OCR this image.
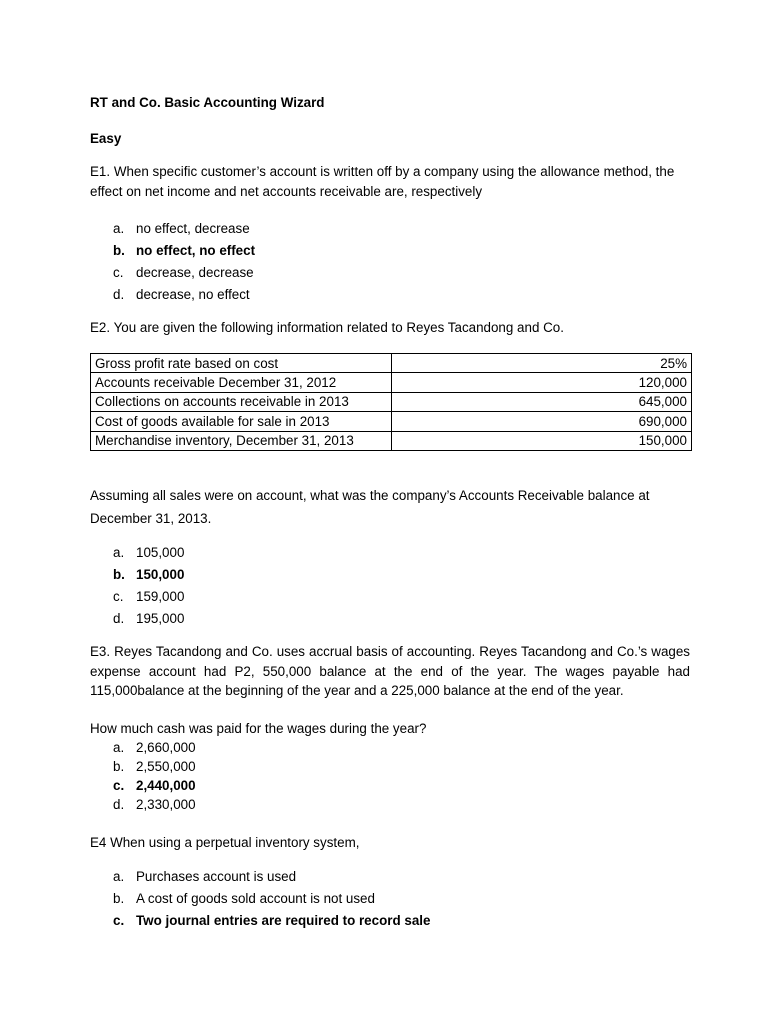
RT and Co. Basic Accounting Wizard
Easy
E1. When specific customer’s account is written off by a company using the allowance method, the effect on net income and net accounts receivable are, respectively
a. no effect, decrease
b. no effect, no effect
c. decrease, decrease
d. decrease, no effect
E2. You are given the following information related to Reyes Tacandong and Co.
Gross profit rate based on cost	25%
Accounts receivable December 31, 2012	120,000
Collections on accounts receivable in 2013	645,000
Cost of goods available for sale in 2013	690,000
Merchandise inventory, December 31, 2013	150,000
Assuming all sales were on account, what was the company’s Accounts Receivable balance at December 31, 2013.
a. 105,000
b. 150,000
c. 159,000
d. 195,000
E3. Reyes Tacandong and Co. uses accrual basis of accounting. Reyes Tacandong and Co.’s wages expense account had P2, 550,000 balance at the end of the year. The wages payable had 115,000balance at the beginning of the year and a 225,000 balance at the end of the year.
How much cash was paid for the wages during the year?
a. 2,660,000
b. 2,550,000
c. 2,440,000
d. 2,330,000
E4 When using a perpetual inventory system,
a. Purchases account is used
b. A cost of goods sold account is not used
c. Two journal entries are required to record sale
